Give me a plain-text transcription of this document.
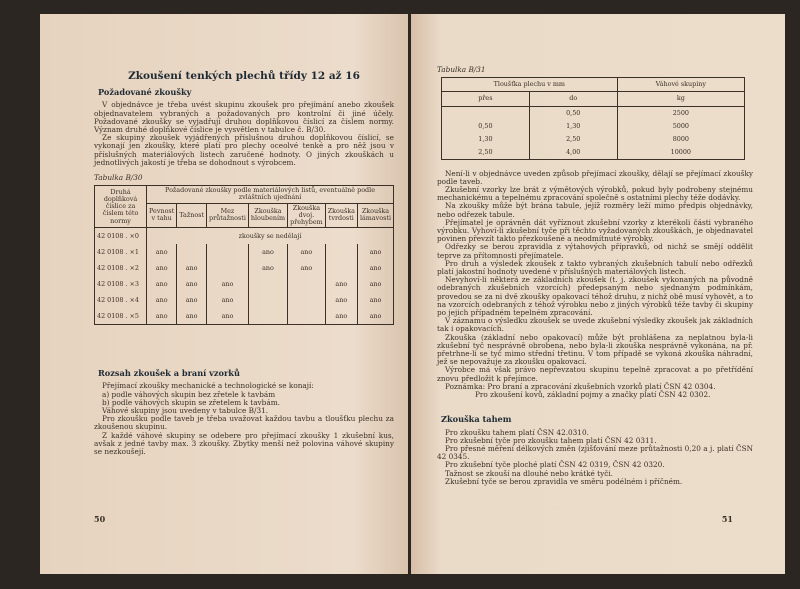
Zkoušení tenkých plechů třídy 12 až 16
Požadované zkoušky

V objednávce je třeba uvést skupinu zkoušek pro přejímání anebo zkoušek objednavatelem vybraných a požadovaných pro kontrolní či jiné účely. Požadované zkoušky se vyjadřují druhou doplňkovou číslicí za číslem normy. Význam druhé doplňkové číslice je vysvětlen v tabulce č. B/30.

Ze skupiny zkoušek vyjádřených příslušnou druhou doplňkovou číslicí, se vykonají jen zkoušky, které platí pro plechy oceolvé tenké a pro něž jsou v příslušných materiálových listech zaručené hodnoty. O jiných zkouškách u jednotlivých jakostí je třeba se dohodnout s výrobcem.

Tabulka B/30
Druhá doplňková číslice za číslem této normy	Požadované zkoušky podle materiálových listů, eventuálně podle zvláštních ujednání						
	Pevnost v tahu	Tažnost	Mez průtažnosti	Zkouška hloubením	Zkouška dvoj. přehybem	Zkouška tvrdosti	Zkouška lámavosti
42 0108 . ×0	zkoušky se nedělají						
42 0108 . ×1	ano			ano	ano		ano
42 0108 . ×2	ano	ano		ano	ano		ano
42 0108 . ×3	ano	ano	ano			ano	ano
42 0108 . ×4	ano	ano	ano			ano	ano
42 0108 . ×5	ano	ano	ano			ano	ano
Rozsah zkoušek a braní vzorků

Přejímací zkoušky mechanické a technologické se konají:

a) podle váhových skupin bez zřetele k tavbám

b) podle váhových skupin se zřetelem k tavbám.

Váhové skupiny jsou uvedeny v tabulce B/31.

Pro zkoušku podle taveb je třeba uvažovat každou tavbu a tloušťku plechu za zkoušenou skupinu.

Z každé váhové skupiny se odebere pro přejímací zkoušky 1 zkušební kus, avšak z jedné tavby max. 3 zkoušky. Zbytky menší než polovina váhové skupiny se nezkoušejí.

50
Tabulka B/31
Tloušťka plechu v mm		Váhové skupiny
přes	do	kg
	0,50	2500
0,50	1,30	5000
1,30	2,50	8000
2,50	4,00	10000

Není-li v objednávce uveden způsob přejímací zkoušky, dělají se přejímací zkoušky podle taveb.

Zkušební vzorky lze brát z výmětových výrobků, pokud byly podrobeny stejnému mechanickému a tepelnému zpracování společně s ostatními plechy téže dodávky.

Na zkoušky může být brána tabule, jejíž rozměry leží mimo předpis objednávky, nebo odřezek tabule.

Přejímatel je oprávněn dát vyříznout zkušební vzorky z kterékoli části vybraného výrobku. Vyhoví-li zkušební tyče při těchto vyžadovaných zkouškách, je objednavatel povinen převzít takto přezkoušené a neodmítnuté výrobky.

Odřezky se berou zpravidla z výtahových přípravků, od nichž se smějí oddělit teprve za přítomnosti přejímatele.

Pro druh a výsledek zkoušek z takto vybraných zkušebních tabulí nebo odřezků platí jakostní hodnoty uvedené v příslušných materiálových listech.

Nevyhoví-li některá ze základních zkoušek (t. j. zkoušek vykonaných na původně odebraných zkušebních vzorcích) předepsaným nebo sjednaným podmínkám, provedou se za ni dvě zkoušky opakovací téhož druhu, z nichž obě musí vyhovět, a to na vzorcích odebraných z téhož výrobku nebo z jiných výrobků téže tavby či skupiny po jejich případném tepelném zpracování.

V záznamu o výsledku zkoušek se uvede zkušební výsledky zkoušek jak základních tak i opakovacích.

Zkouška (základní nebo opakovací) může být prohlášena za neplatnou byla-li zkušební tyč nesprávně obrobena, nebo byla-li zkouška nesprávně vykonána, na př. přetrhne-li se tyč mimo střední třetinu. V tom případě se vykoná zkouška náhradní, jež se nepovažuje za zkoušku opakovací.

Výrobce má však právo nepřevzatou skupinu tepelně zpracovat a po přetřídění znovu předložit k přejímce.

Poznámka: Pro braní a zpracování zkušebních vzorků platí ČSN 42 0304.

Pro zkoušení kovů, základní pojmy a značky platí ČSN 42 0302.

Zkouška tahem

Pro zkoušku tahem platí ČSN 42.0310.

Pro zkušební tyče pro zkoušku tahem platí ČSN 42 0311.

Pro přesné měření délkových změn (zjišťování meze průtažnosti 0,20 a j. platí ČSN 42 0345.

Pro zkušební tyče ploché platí ČSN 42 0319, ČSN 42 0320.

Tažnost se zkouší na dlouhé nebo krátké tyči.

Zkušební tyče se berou zpravidla ve směru podélném i příčném.

51
